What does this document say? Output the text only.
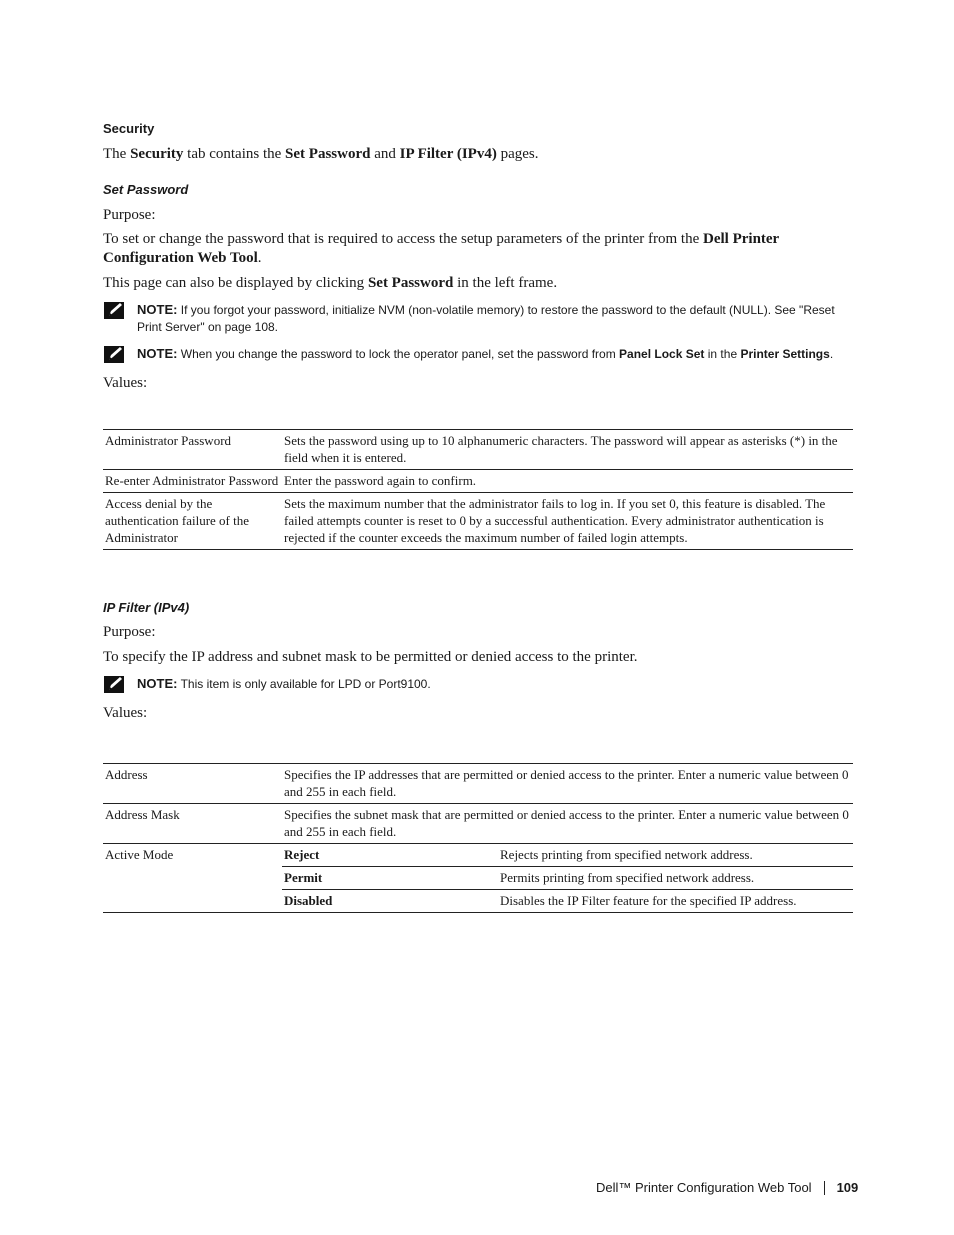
Security
The Security tab contains the Set Password and IP Filter (IPv4) pages.
Set Password
Purpose:
To set or change the password that is required to access the setup parameters of the printer from the Dell Printer Configuration Web Tool.
This page can also be displayed by clicking Set Password in the left frame.
NOTE: If you forgot your password, initialize NVM (non-volatile memory) to restore the password to the default (NULL). See "Reset Print Server" on page 108.
NOTE: When you change the password to lock the operator panel, set the password from Panel Lock Set in the Printer Settings.
Values:
Administrator Password	Sets the password using up to 10 alphanumeric characters. The password will appear as asterisks (*) in the field when it is entered.
Re-enter Administrator Password	Enter the password again to confirm.
Access denial by the authentication failure of the Administrator	Sets the maximum number that the administrator fails to log in. If you set 0, this feature is disabled. The failed attempts counter is reset to 0 by a successful authentication. Every administrator authentication is rejected if the counter exceeds the maximum number of failed login attempts.
IP Filter (IPv4)
Purpose:
To specify the IP address and subnet mask to be permitted or denied access to the printer.
NOTE: This item is only available for LPD or Port9100.
Values:
Address	Specifies the IP addresses that are permitted or denied access to the printer. Enter a numeric value between 0 and 255 in each field.	
Address Mask	Specifies the subnet mask that are permitted or denied access to the printer. Enter a numeric value between 0 and 255 in each field.	
Active Mode	Reject	Rejects printing from specified network address.
	Permit	Permits printing from specified network address.
	Disabled	Disables the IP Filter feature for the specified IP address.
Dell™ Printer Configuration Web Tool 109
